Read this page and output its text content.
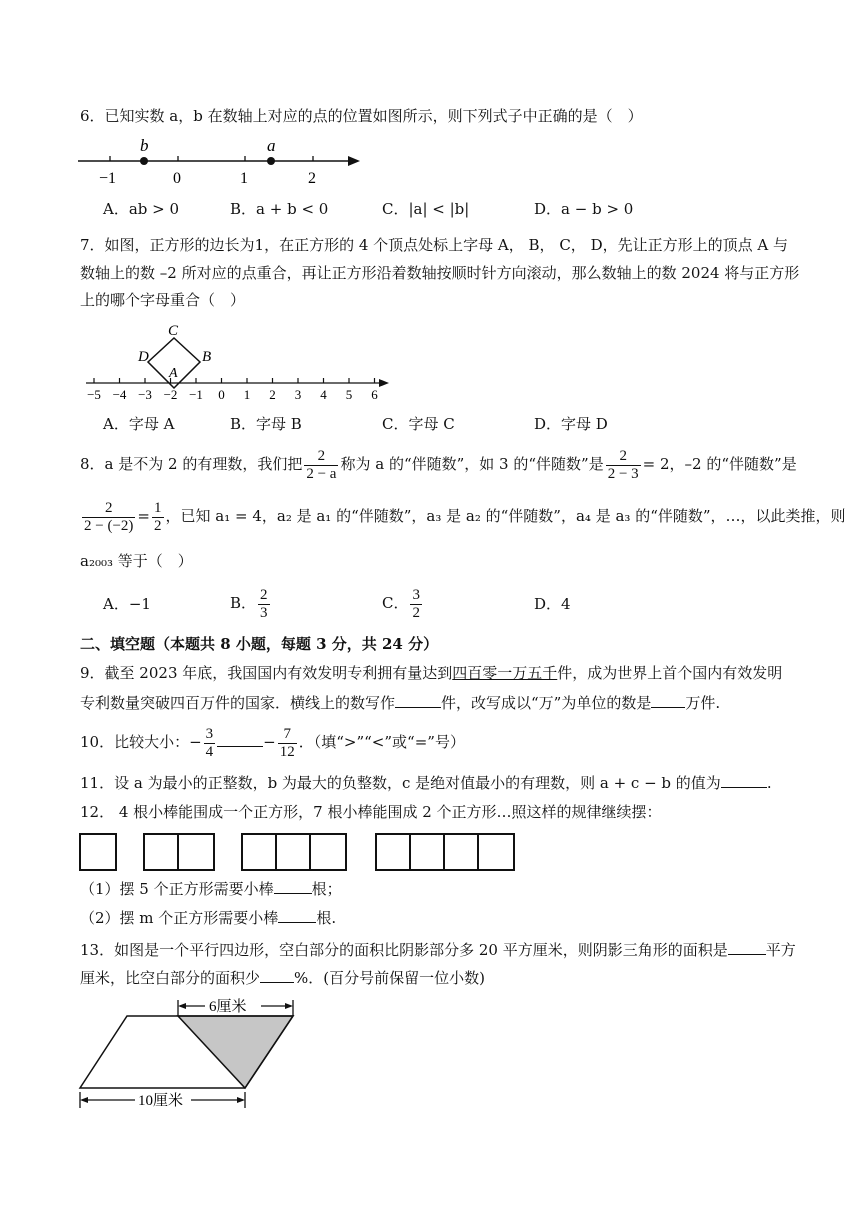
6．已知实数 a，b 在数轴上对应的点的位置如图所示，则下列式子中正确的是（　）
b	a
−1	0	1	2
A．ab > 0	B．a + b < 0	C．|a| < |b|	D．a − b > 0
7．如图，正方形的边长为1，在正方形的 4 个顶点处标上字母 A， B， C， D，先让正方形上的顶点 A 与
数轴上的数 –2 所对应的点重合，再让正方形沿着数轴按顺时针方向滚动，那么数轴上的数 2024 将与正方形
上的哪个字母重合（　）
C
B
D
A
−5 −4 −3 −2 −1 0 1 2 3 4 5 6
A．字母 A	B．字母 B	C．字母 C	D．字母 D
8．a 是不为 2 的有理数，我们把 $\frac{2}{2 - a}$ 称为 a 的“伴随数”，如 3 的“伴随数”是 $\frac{2}{2 - 3} = 2$，–2 的“伴随数”是
$\frac{2}{2 - (-2)} = \frac{1}{2}$ ，已知 a₁ = 4，a₂ 是 a₁ 的“伴随数”，a₃ 是 a₂ 的“伴随数”，a₄ 是 a₃ 的“伴随数”，…，以此类推，则
a₂₀₀₃ 等于（　）
A．−1	B． $\frac{2}{3}$	C． $\frac{3}{2}$	D．4
二、填空题（本题共 8 小题，每题 3 分，共 24 分）
9．截至 2023 年底，我国国内有效发明专利拥有量达到四百零一万五千件，成为世界上首个国内有效发明
专利数量突破四百万件的国家．横线上的数写作	件，改写成以“万”为单位的数是 万件.
10．比较大小：− $\frac{3}{4}$	− $\frac{7}{12}$ ．（填“>”“<”或“=”号）
11．设 a 为最小的正整数，b 为最大的负整数，c 是绝对值最小的有理数，则 a + c − b 的值为	.
12． 4 根小棒能围成一个正方形，7 根小棒能围成 2 个正方形…照这样的规律继续摆：
（1）摆 5 个正方形需要小棒	根；
（2）摆 m 个正方形需要小棒	根.
13．如图是一个平行四边形，空白部分的面积比阴影部分多 20 平方厘米，则阴影三角形的面积是	平方
厘米，比空白部分的面积少 %．(百分号前保留一位小数)
6厘米
10厘米
